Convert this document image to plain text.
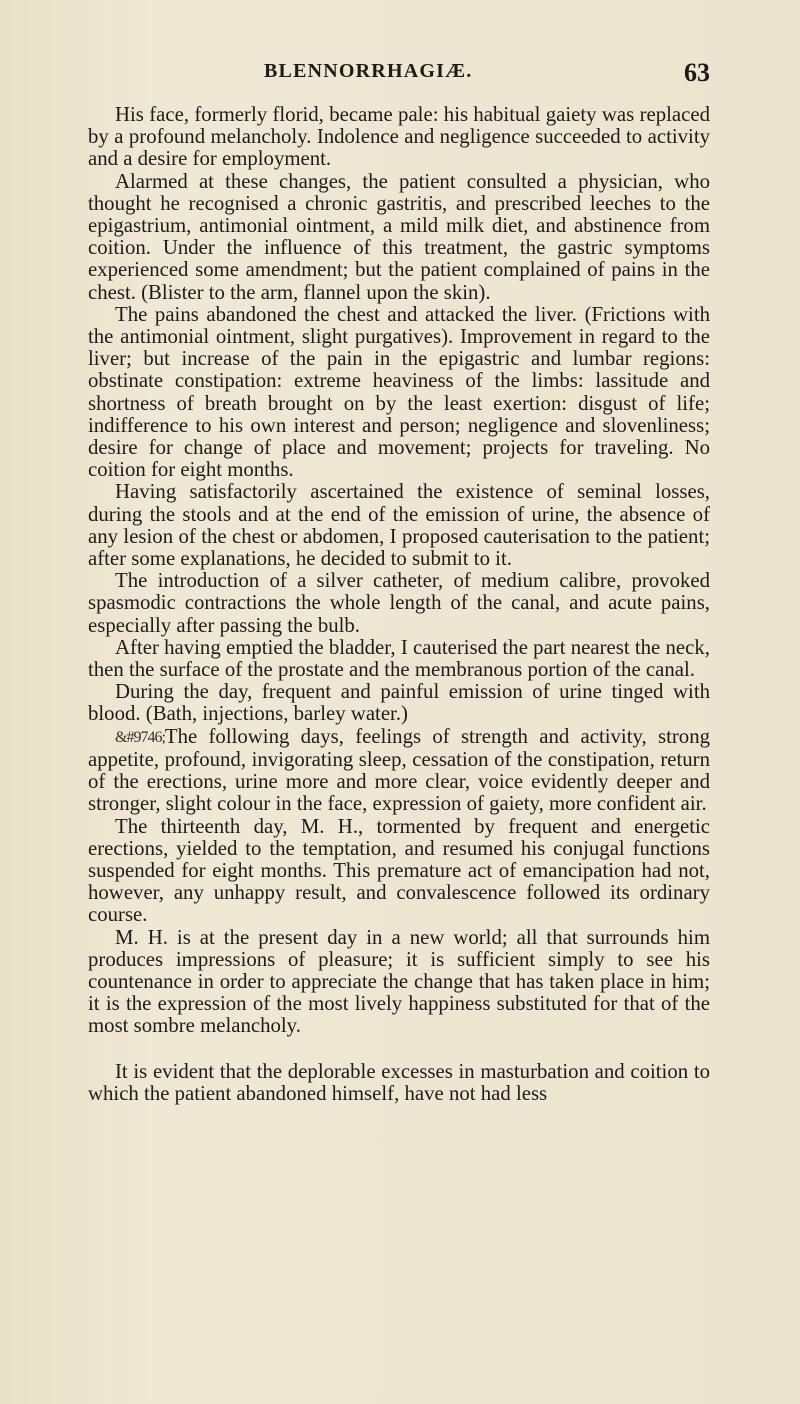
BLENNORRHAGIÆ.	63

His face, formerly florid, became pale: his habitual gaiety was replaced by a profound melancholy. Indolence and negligence succeeded to activity and a desire for employment.

Alarmed at these changes, the patient consulted a physician, who thought he recognised a chronic gastritis, and prescribed leeches to the epigastrium, antimonial ointment, a mild milk diet, and abstinence from coition. Under the influence of this treatment, the gastric symptoms experienced some amendment; but the patient complained of pains in the chest. (Blister to the arm, flannel upon the skin).

The pains abandoned the chest and attacked the liver. (Frictions with the antimonial ointment, slight purgatives). Improvement in regard to the liver; but increase of the pain in the epigastric and lumbar regions: obstinate constipation: extreme heaviness of the limbs: lassitude and shortness of breath brought on by the least exertion: disgust of life; indifference to his own interest and person; negligence and slovenliness; desire for change of place and movement; projects for traveling. No coition for eight months.

Having satisfactorily ascertained the existence of seminal losses, during the stools and at the end of the emission of urine, the absence of any lesion of the chest or abdomen, I proposed cauterisation to the patient; after some explanations, he decided to submit to it.

The introduction of a silver catheter, of medium calibre, provoked spasmodic contractions the whole length of the canal, and acute pains, especially after passing the bulb.

After having emptied the bladder, I cauterised the part nearest the neck, then the surface of the prostate and the membranous portion of the canal.

During the day, frequent and painful emission of urine tinged with blood. (Bath, injections, barley water.)

&#9746;The following days, feelings of strength and activity, strong appetite, profound, invigorating sleep, cessation of the constipation, return of the erections, urine more and more clear, voice evidently deeper and stronger, slight colour in the face, expression of gaiety, more confident air.

The thirteenth day, M. H., tormented by frequent and energetic erections, yielded to the temptation, and resumed his conjugal functions suspended for eight months. This premature act of emancipation had not, however, any unhappy result, and convalescence followed its ordinary course.

M. H. is at the present day in a new world; all that surrounds him produces impressions of pleasure; it is sufficient simply to see his countenance in order to appreciate the change that has taken place in him; it is the expression of the most lively happiness substituted for that of the most sombre melancholy.

It is evident that the deplorable excesses in masturbation and coition to which the patient abandoned himself, have not had less
